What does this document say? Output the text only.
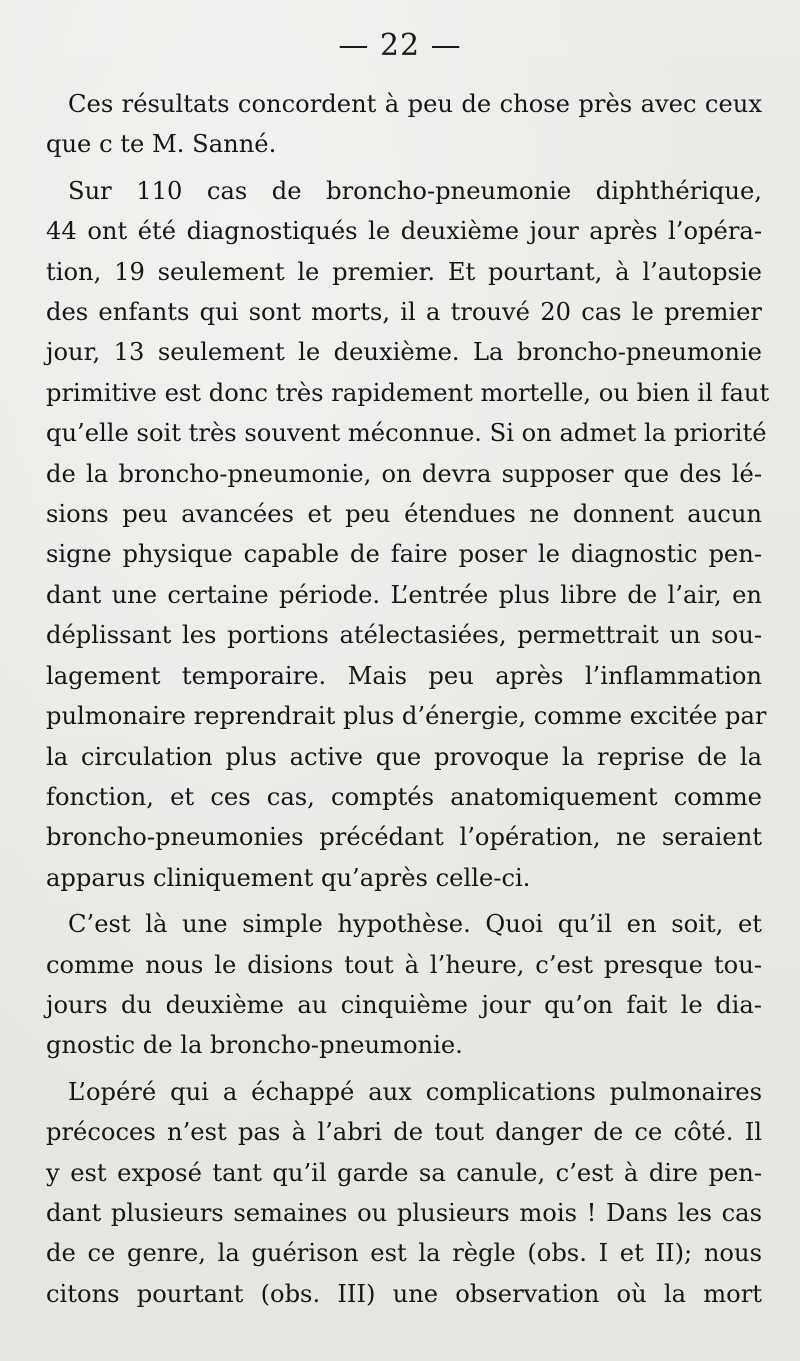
— 22 —

Ces résultats concordent à peu de chose près avec ceux
que c te M. Sanné.

Sur 110 cas de broncho-pneumonie diphthérique,
44 ont été diagnostiqués le deuxième jour après l’opéra-
tion, 19 seulement le premier. Et pourtant, à l’autopsie
des enfants qui sont morts, il a trouvé 20 cas le premier
jour, 13 seulement le deuxième. La broncho-pneumonie
primitive est donc très rapidement mortelle, ou bien il faut
qu’elle soit très souvent méconnue. Si on admet la priorité
de la broncho-pneumonie, on devra supposer que des lé-
sions peu avancées et peu étendues ne donnent aucun
signe physique capable de faire poser le diagnostic pen-
dant une certaine période. L’entrée plus libre de l’air, en
déplissant les portions atélectasiées, permettrait un sou-
lagement temporaire. Mais peu après l’inflammation
pulmonaire reprendrait plus d’énergie, comme excitée par
la circulation plus active que provoque la reprise de la
fonction, et ces cas, comptés anatomiquement comme
broncho-pneumonies précédant l’opération, ne seraient
apparus cliniquement qu’après celle-ci.

C’est là une simple hypothèse. Quoi qu’il en soit, et
comme nous le disions tout à l’heure, c’est presque tou-
jours du deuxième au cinquième jour qu’on fait le dia-
gnostic de la broncho-pneumonie.

L’opéré qui a échappé aux complications pulmonaires
précoces n’est pas à l’abri de tout danger de ce côté. Il
y est exposé tant qu’il garde sa canule, c’est à dire pen-
dant plusieurs semaines ou plusieurs mois ! Dans les cas
de ce genre, la guérison est la règle (obs. I et II); nous
citons pourtant (obs. III) une observation où la mort
